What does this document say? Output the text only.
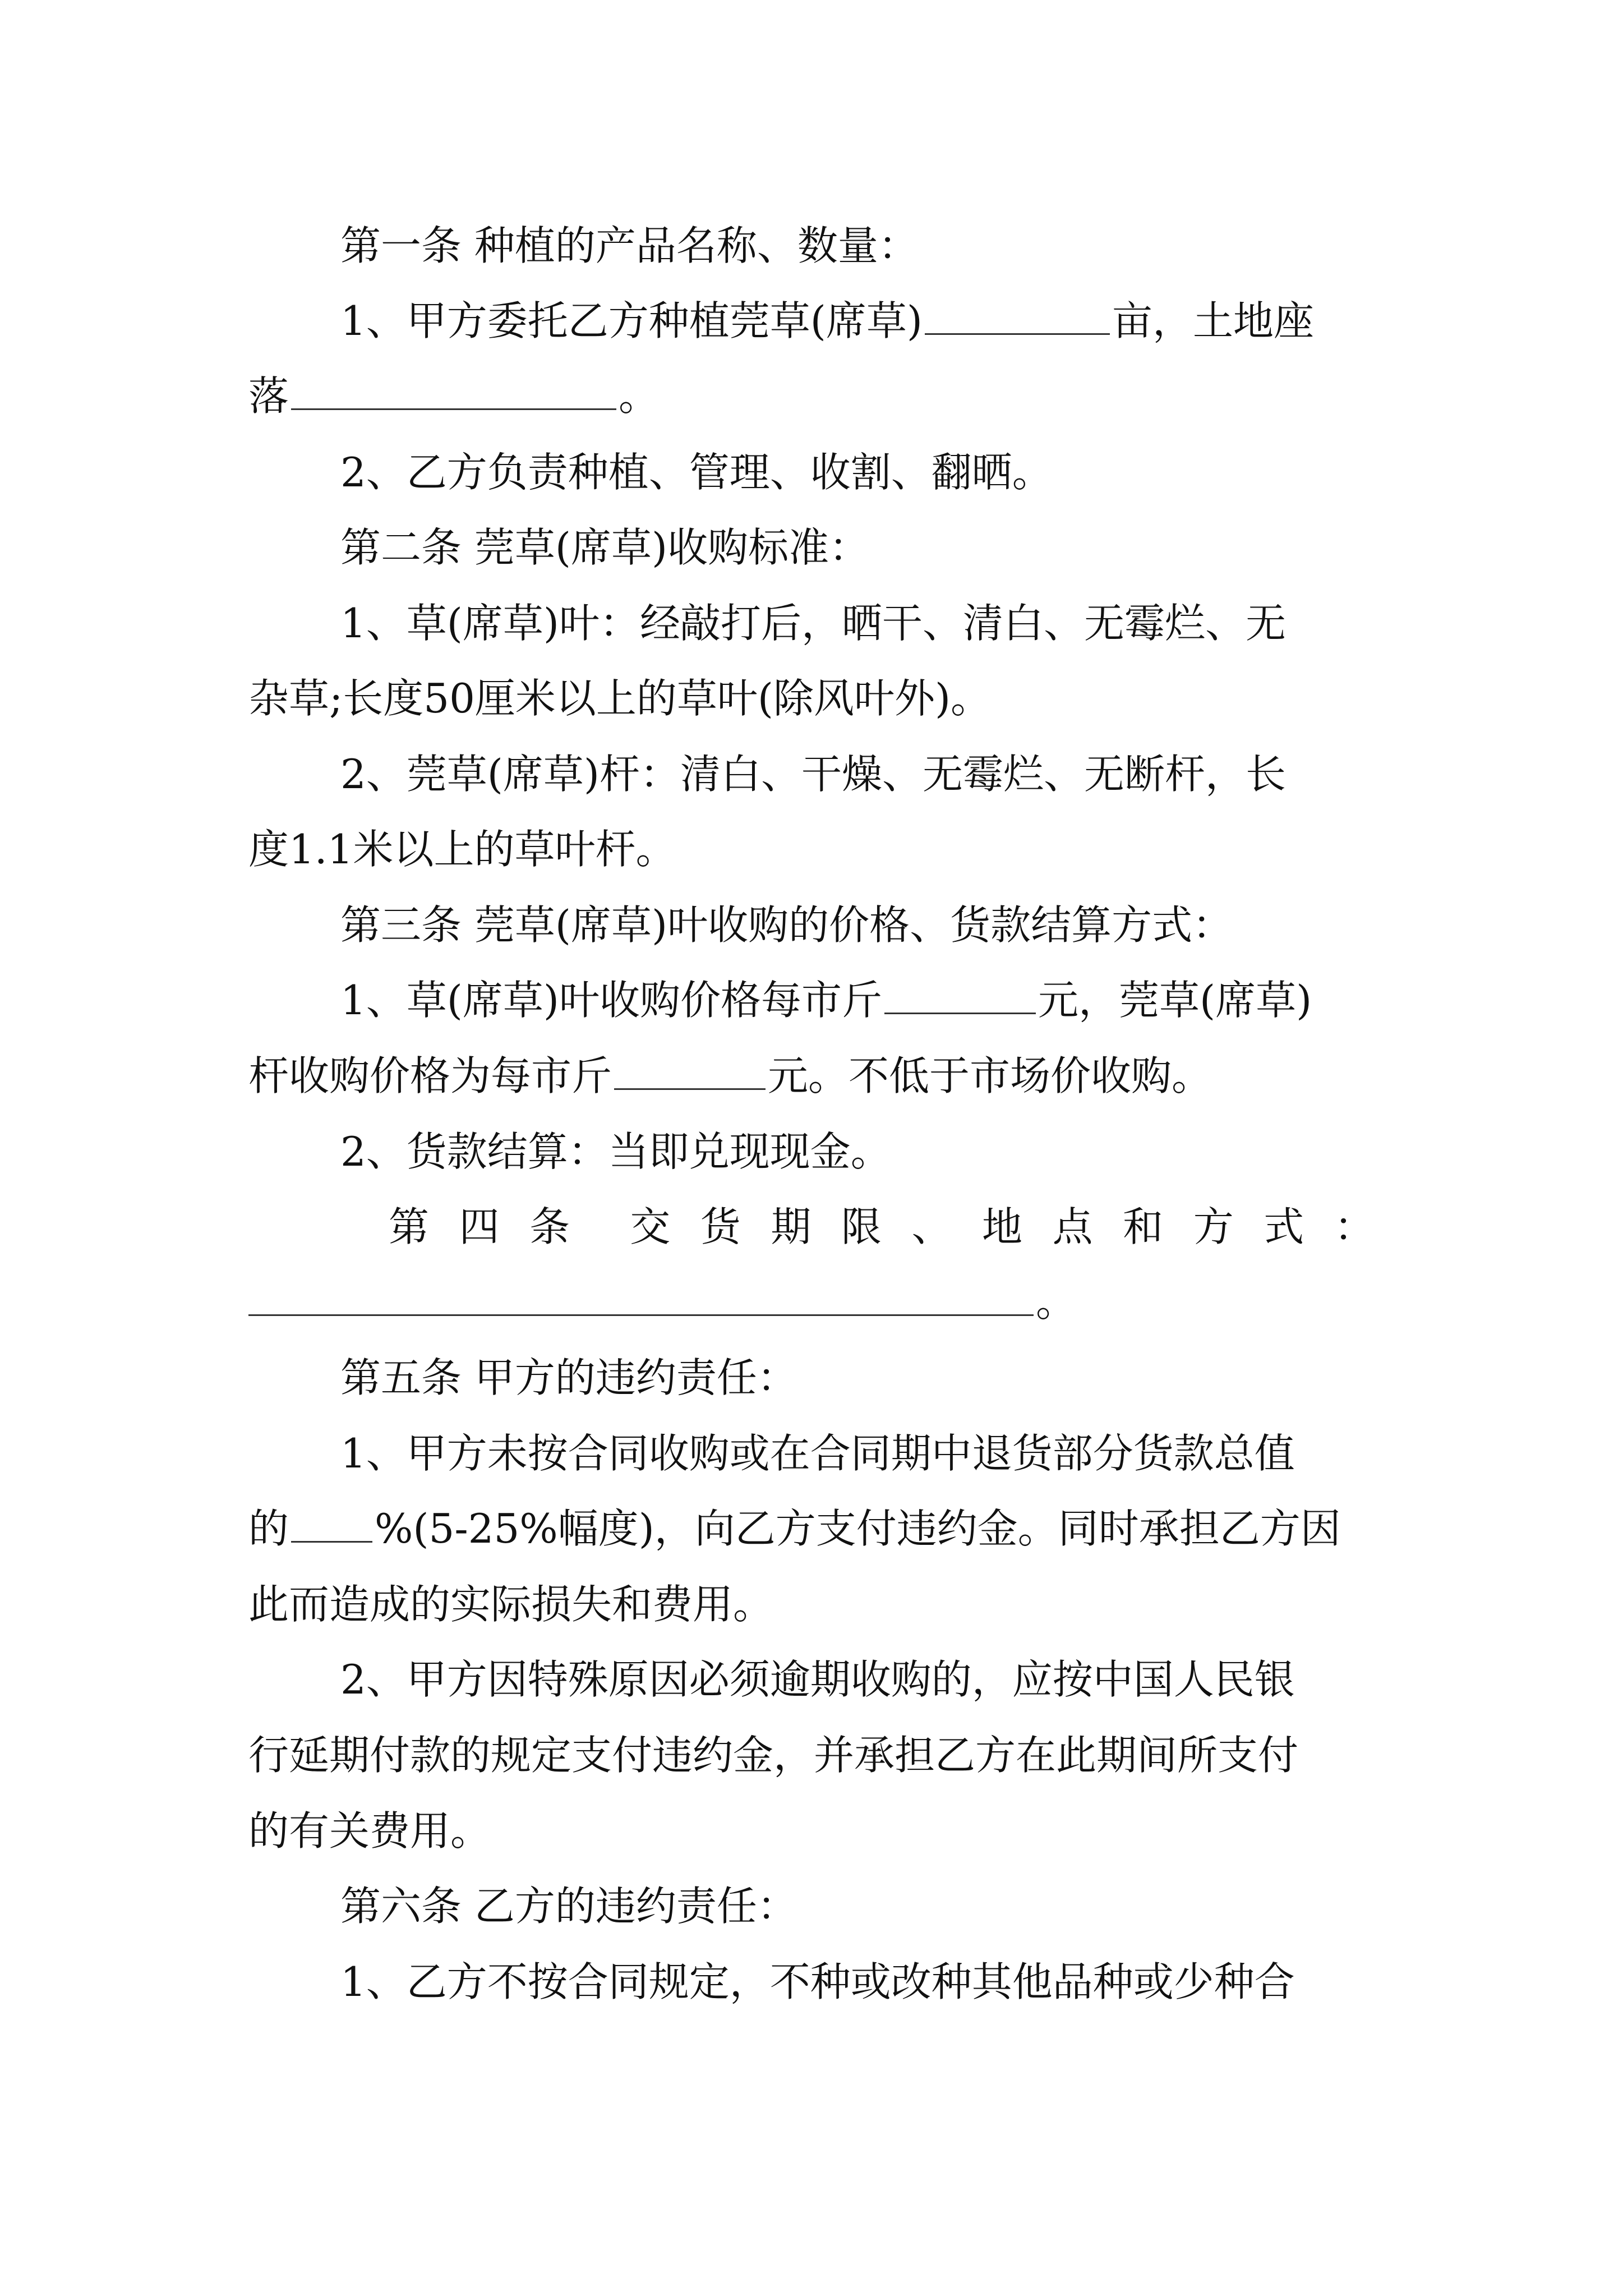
第一条 种植的产品名称、数量：
1、甲方委托乙方种植莞草(席草)	亩，土地座
落	。
2、乙方负责种植、管理、收割、翻晒。
第二条 莞草(席草)收购标准：
1、草(席草)叶：经敲打后，晒干、清白、无霉烂、无
杂草;长度50厘米以上的草叶(除风叶外)。
2、莞草(席草)杆：清白、干燥、无霉烂、无断杆，长
度1.1米以上的草叶杆。
第三条 莞草(席草)叶收购的价格、货款结算方式：
1、草(席草)叶收购价格每市斤	元，莞草(席草)
杆收购价格为每市斤	元。不低于市场价收购。
2、货款结算：当即兑现现金。
第 四 条 交 货 期 限 、 地 点 和 方 式 ：
。
第五条 甲方的违约责任：
1、甲方未按合同收购或在合同期中退货部分货款总值
的 %(5-25%幅度)，向乙方支付违约金。同时承担乙方因
此而造成的实际损失和费用。
2、甲方因特殊原因必须逾期收购的，应按中国人民银
行延期付款的规定支付违约金，并承担乙方在此期间所支付
的有关费用。
第六条 乙方的违约责任：
1、乙方不按合同规定，不种或改种其他品种或少种合
